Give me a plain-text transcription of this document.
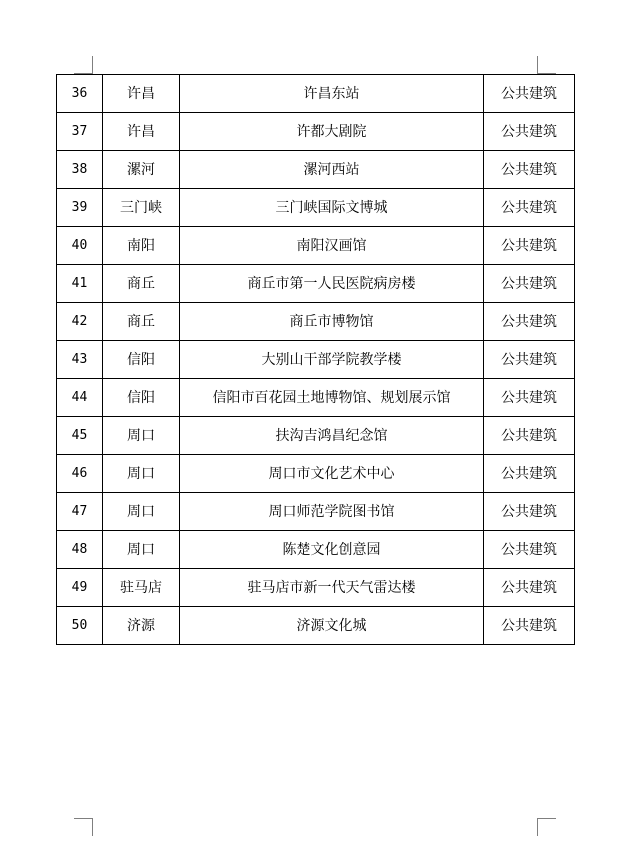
36	许昌	许昌东站	公共建筑
37	许昌	许都大剧院	公共建筑
38	漯河	漯河西站	公共建筑
39	三门峡	三门峡国际文博城	公共建筑
40	南阳	南阳汉画馆	公共建筑
41	商丘	商丘市第一人民医院病房楼	公共建筑
42	商丘	商丘市博物馆	公共建筑
43	信阳	大别山干部学院教学楼	公共建筑
44	信阳	信阳市百花园土地博物馆、规划展示馆	公共建筑
45	周口	扶沟吉鸿昌纪念馆	公共建筑
46	周口	周口市文化艺术中心	公共建筑
47	周口	周口师范学院图书馆	公共建筑
48	周口	陈楚文化创意园	公共建筑
49	驻马店	驻马店市新一代天气雷达楼	公共建筑
50	济源	济源文化城	公共建筑
